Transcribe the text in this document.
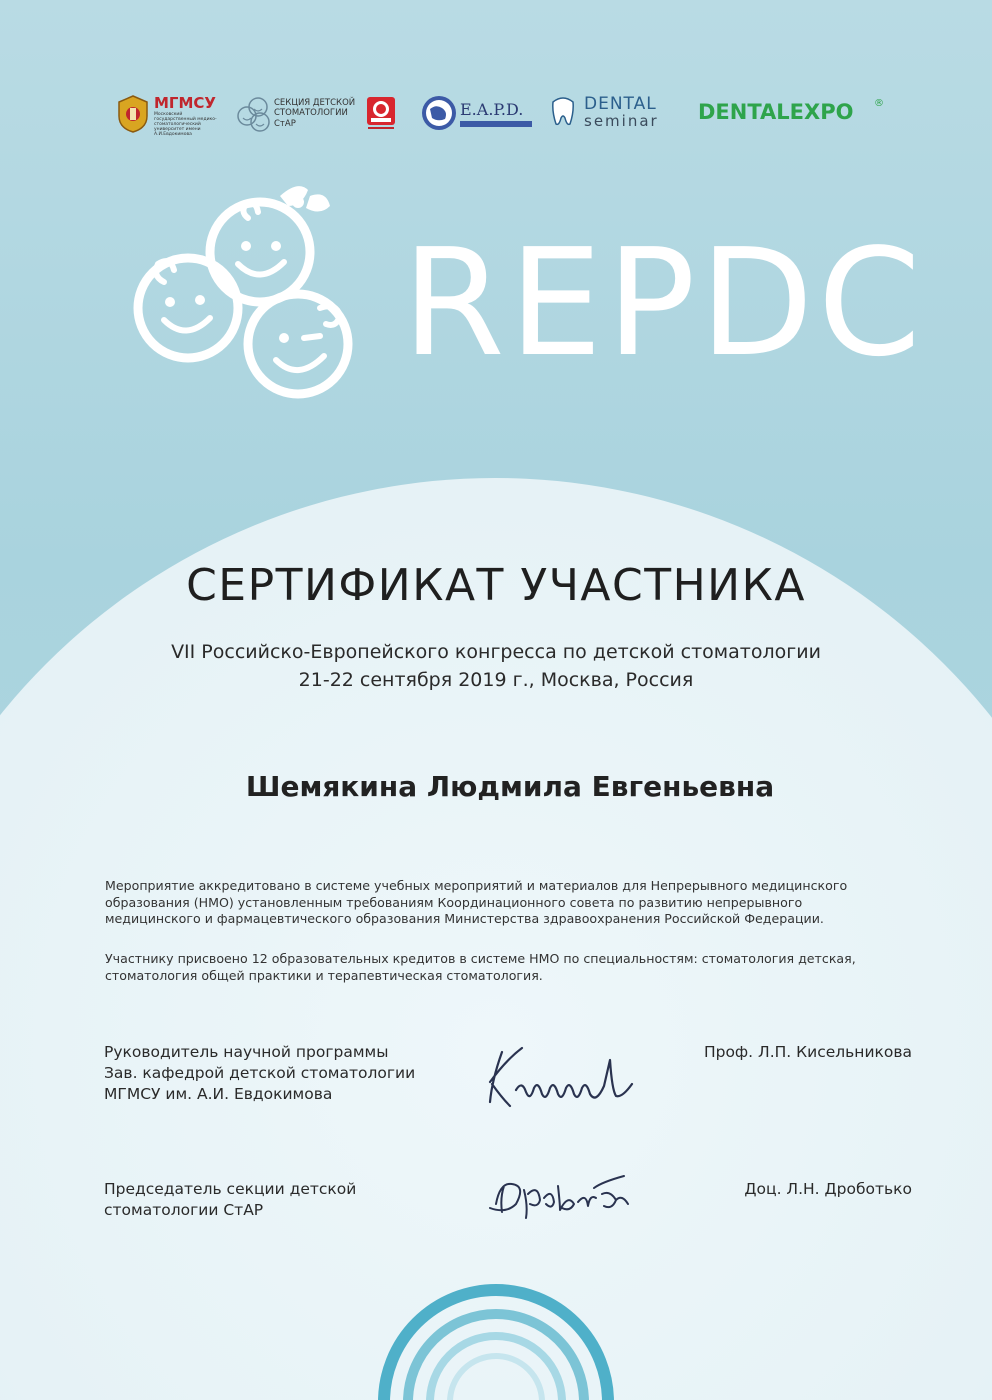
МГМСУ
Московский государственный медико-стоматологический университет имени А.И.Евдокимова
СЕКЦИЯ ДЕТСКОЙ
СТОМАТОЛОГИИ
СтАР
E.A.P.D.	DENTAL
seminar DENTALEXPO ®
REPDC
СЕРТИФИКАТ УЧАСТНИКА
VII Российско-Европейского конгресса по детской стоматологии
21-22 сентября 2019 г., Москва, Россия
Шемякина Людмила Евгеньевна
Мероприятие аккредитовано в системе учебных мероприятий и материалов для Непрерывного медицинского
образования (НМО) установленным требованиям Координационного совета по развитию непрерывного
медицинского и фармацевтического образования Министерства здравоохранения Российской Федерации.
Участнику присвоено 12 образовательных кредитов в системе НМО по специальностям: стоматология детская,
стоматология общей практики и терапевтическая стоматология.
Руководитель научной программы
Зав. кафедрой детской стоматологии
МГМСУ им. А.И. Евдокимова
Проф. Л.П. Кисельникова
Председатель секции детской
стоматологии СтАР
Доц. Л.Н. Дроботько
